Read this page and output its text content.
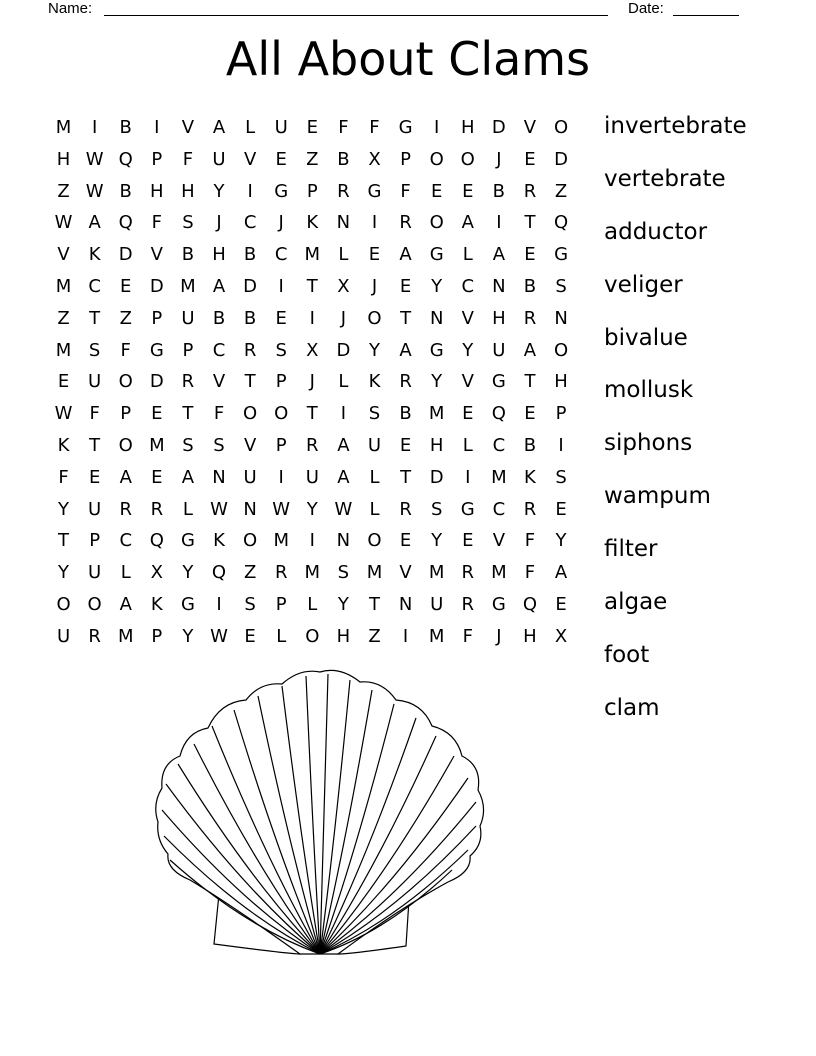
Name:	Date:
All About Clams
M	I	B	I	V	A	L	U	E	F	F	G	I	H D V O
H W Q	P	F	U	V	E	Z	B	X	P	O O	J	E	D
Z W B	H H	Y	I	G	P	R G	F	E	E	B	R	Z
W A Q	F	S	J	C	J	K	N	I	R O A	I	T	Q
V	K	D V	B	H	B	C M	L	E	A G	L	A	E	G
M C	E	D M A	D	I	T	X	J	E	Y	C	N	B	S
Z	T	Z	P	U	B	B	E	I	J	O	T	N	V	H	R	N
M S	F	G	P	C	R	S	X D	Y	A G	Y	U	A O
E	U O D R	V	T	P	J	L	K	R	Y	V G	T	H
W F	P	E	T	F	O O	T	I	S	B M E	Q	E	P
K	T	O M S	S	V	P	R	A	U	E	H	L	C	B	I
F	E	A	E	A	N U	I	U	A	L	T	D	I	M K	S
Y	U	R	R	L W N W Y W L	R	S	G C	R	E
T	P	C Q G	K	O M	I	N O	E	Y	E	V	F	Y
Y	U	L	X	Y	Q Z	R M S M V M R M	F	A
O O A	K	G	I	S	P	L	Y	T	N U	R G Q	E
U	R M P	Y W E	L	O H	Z	I	M	F	J	H	X
invertebrate
vertebrate
adductor
veliger
bivalue
mollusk
siphons
wampum
filter
algae
foot
clam
